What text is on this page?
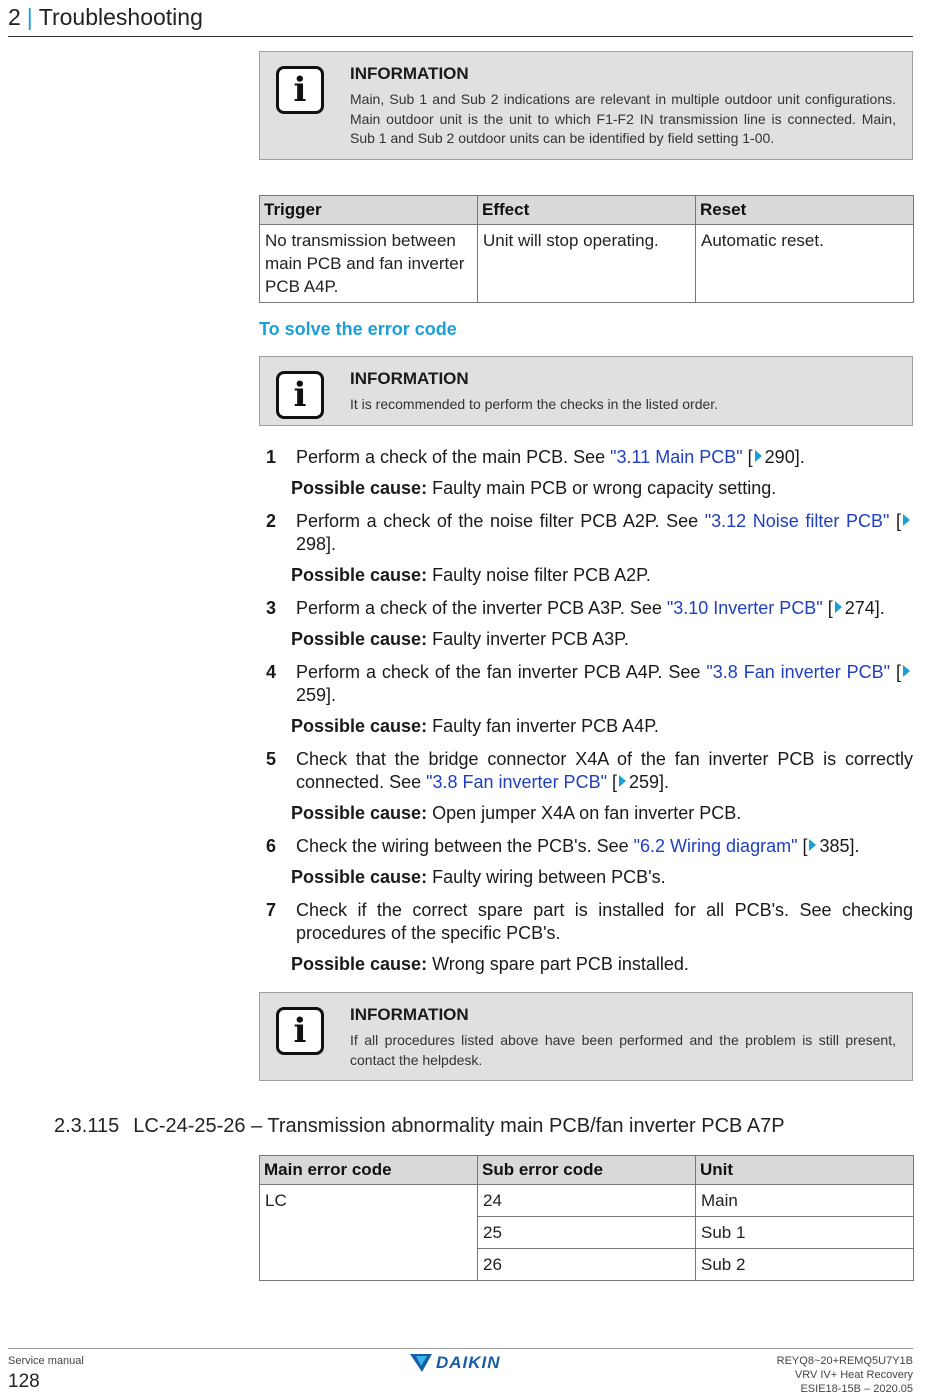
2 | Troubleshooting
i	INFORMATION
Main, Sub 1 and Sub 2 indications are relevant in multiple outdoor unit configurations. Main outdoor unit is the unit to which F1-F2 IN transmission line is connected. Main, Sub 1 and Sub 2 outdoor units can be identified by field setting 1-00.
Trigger	Effect	Reset
No transmission between main PCB and fan inverter PCB A4P.	Unit will stop operating.	Automatic reset.
To solve the error code
i	INFORMATION
It is recommended to perform the checks in the listed order.
1	Perform a check of the main PCB. See "3.11 Main PCB" [ 290].
Possible cause: Faulty main PCB or wrong capacity setting.
2	Perform a check of the noise filter PCB A2P. See "3.12 Noise filter PCB" [298].
Possible cause: Faulty noise filter PCB A2P.
3	Perform a check of the inverter PCB A3P. See "3.10 Inverter PCB" [ 274].
Possible cause: Faulty inverter PCB A3P.
4	Perform a check of the fan inverter PCB A4P. See "3.8 Fan inverter PCB" [259].
Possible cause: Faulty fan inverter PCB A4P.
5	Check that the bridge connector X4A of the fan inverter PCB is correctly connected. See "3.8 Fan inverter PCB" [ 259].
Possible cause: Open jumper X4A on fan inverter PCB.
6	Check the wiring between the PCB's. See "6.2 Wiring diagram" [ 385].
Possible cause: Faulty wiring between PCB's.
7	Check if the correct spare part is installed for all PCB's. See checking procedures of the specific PCB's.
Possible cause: Wrong spare part PCB installed.
i	INFORMATION
If all procedures listed above have been performed and the problem is still present, contact the helpdesk.
2.3.115 LC-24-25-26 – Transmission abnormality main PCB/fan inverter PCB A7P
Main error code	Sub error code	Unit
LC	24	Main
	25	Sub 1
	26	Sub 2
Service manual
128
DAIKIN	REYQ8~20+REMQ5U7Y1B
VRV IV+ Heat Recovery
ESIE18-15B – 2020.05
